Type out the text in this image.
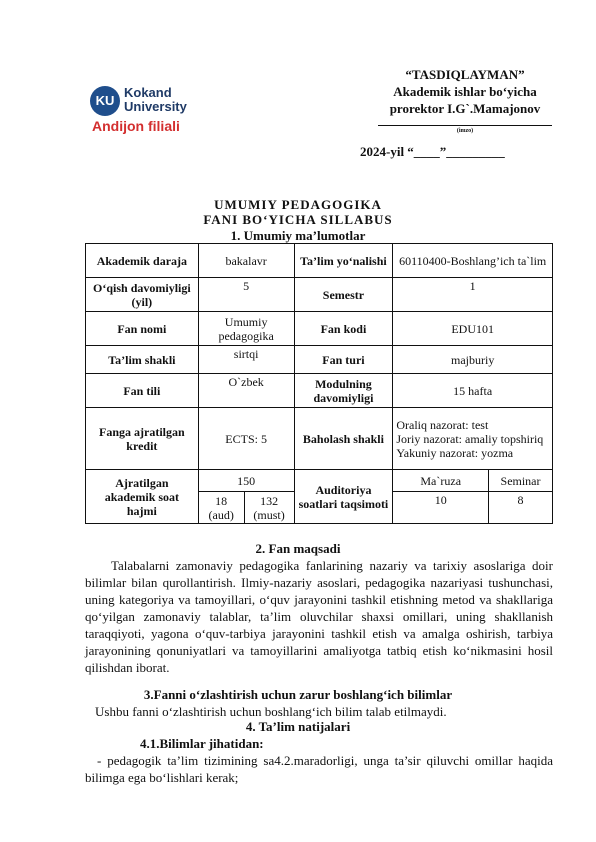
KU
Kokand
University
Andijon filiali
“TASDIQLAYMAN”
Akademik ishlar bo‘yicha
prorektor I.G`.Mamajonov
(imzo)
2024-yil “____”_________
UMUMIY PEDAGOGIKA
FANI BO‘YICHA SILLABUS
1. Umumiy ma’lumotlar
Akademik daraja	bakalavr		Ta’lim yo‘nalishi	60110400-Boshlang’ich ta`lim	
O‘qish davomiyligi (yil)	5		Semestr	1	
Fan nomi	Umumiy pedagogika		Fan kodi	EDU101	
Ta’lim shakli	sirtqi		Fan turi	majburiy	
Fan tili	O`zbek		Modulning davomiyligi	15 hafta	
Fanga ajratilgan kredit	ECTS: 5		Baholash shakli	Oraliq nazorat: test
Joriy nazorat: amaliy topshiriq
Yakuniy nazorat: yozma	

Ajratilgan akademik soat hajmi	150		Auditoriya soatlari taqsimoti	Ma`ruza	Seminar
	18 (aud)	132 (must)		10	8
2. Fan maqsadi

Talabalarni zamonaviy pedagogika fanlarining nazariy va tarixiy asoslariga doir bilimlar bilan qurollantirish. Ilmiy-nazariy asoslari, pedagogika nazariyasi tushunchasi, uning kategoriya va tamoyillari, o‘quv jarayonini tashkil etishning metod va shakllariga qo‘yilgan zamonaviy talablar, ta’lim oluvchilar shaxsi omillari, uning shakllanish taraqqiyoti, yagona o‘quv-tarbiya jarayonini tashkil etish va amalga oshirish, tarbiya jarayonining qonuniyatlari va tamoyillarini amaliyotga tatbiq etish ko‘nikmasini hosil qilishdan iborat.

3.Fanni o‘zlashtirish uchun zarur boshlang‘ich bilimlar
Ushbu fanni o‘zlashtirish uchun boshlang‘ich bilim talab etilmaydi.
4. Ta’lim natijalari
4.1.Bilimlar jihatidan:

- pedagogik ta’lim tizimining sa4.2.maradorligi, unga ta’sir qiluvchi omillar haqida bilimga ega bo‘lishlari kerak;
